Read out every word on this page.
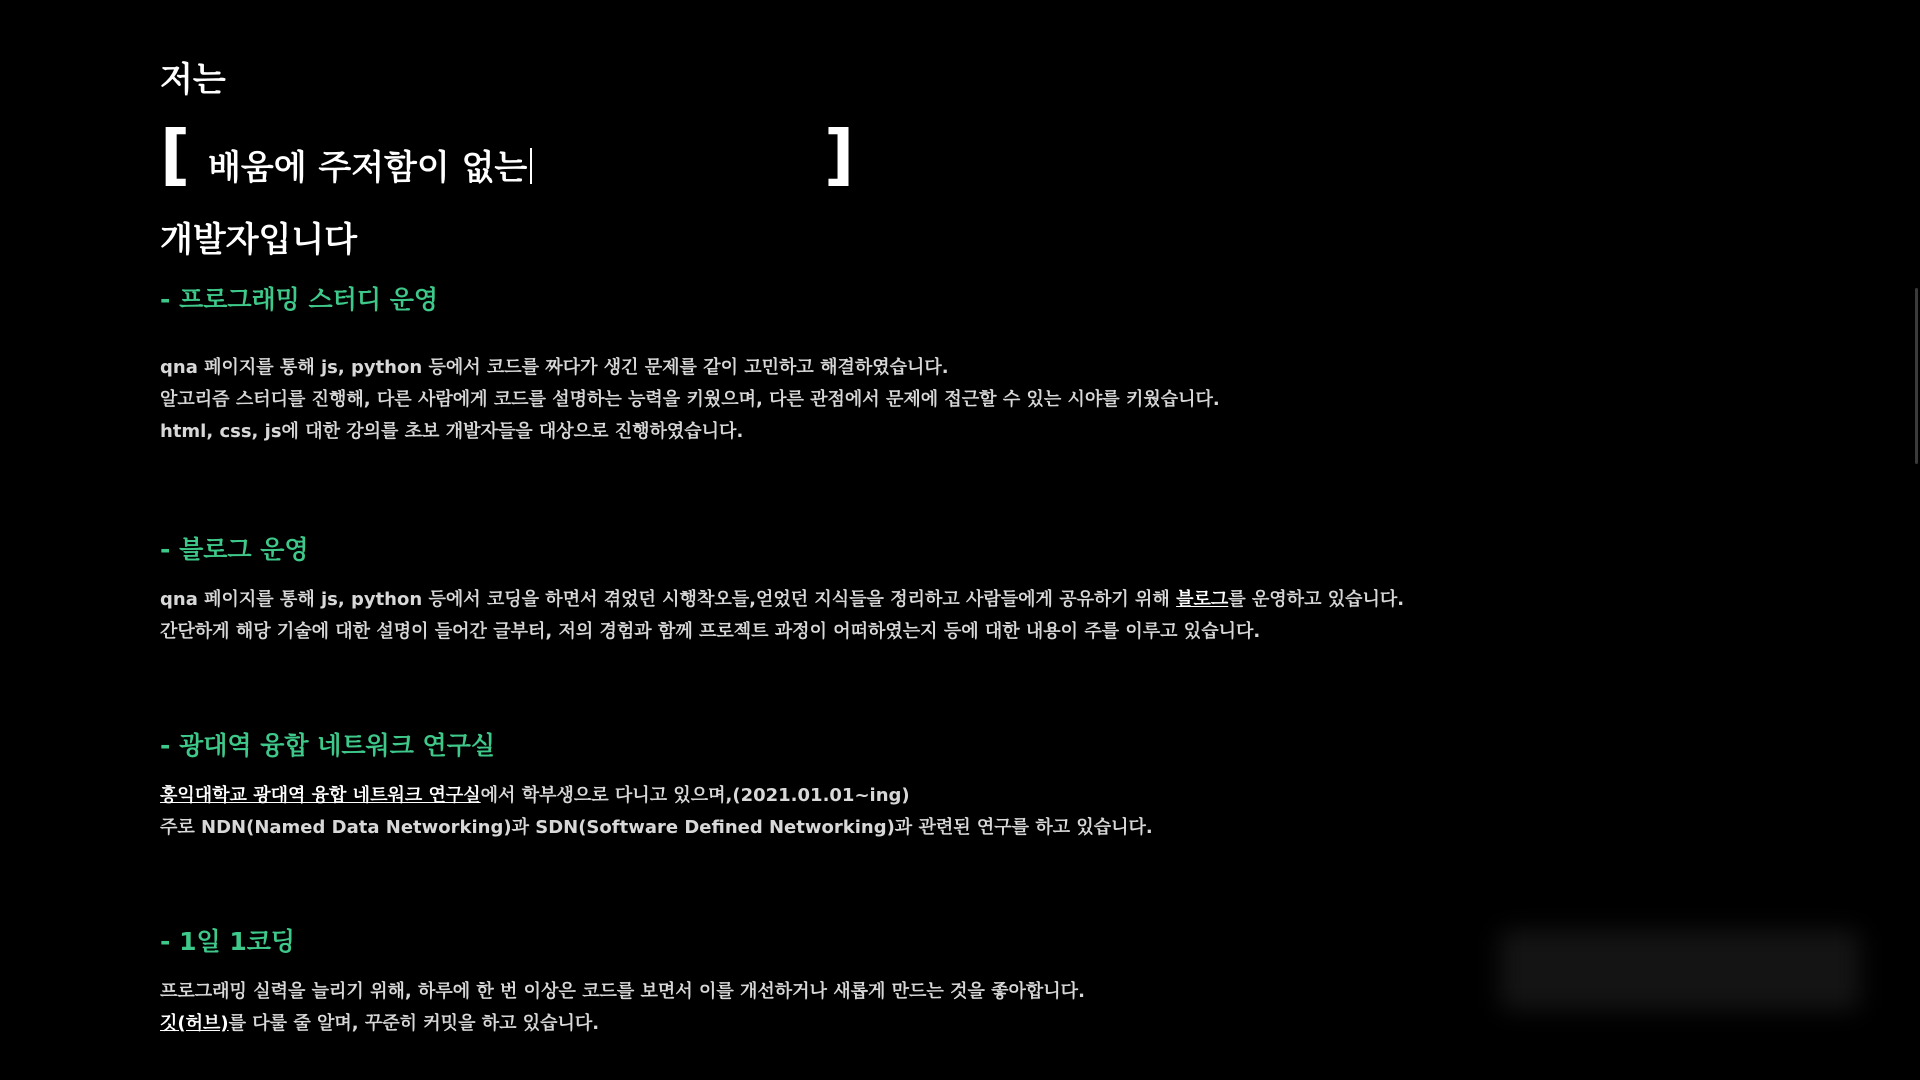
저는
[ 배움에 주저함이 없는	]
개발자입니다
- 프로그래밍 스터디 운영

qna 페이지를 통해 js, python 등에서 코드를 짜다가 생긴 문제를 같이 고민하고 해결하였습니다.

알고리즘 스터디를 진행해, 다른 사람에게 코드를 설명하는 능력을 키웠으며, 다른 관점에서 문제에 접근할 수 있는 시야를 키웠습니다.

html, css, js에 대한 강의를 초보 개발자들을 대상으로 진행하였습니다.

- 블로그 운영

qna 페이지를 통해 js, python 등에서 코딩을 하면서 겪었던 시행착오들,얻었던 지식들을 정리하고 사람들에게 공유하기 위해 블로그를 운영하고 있습니다.

간단하게 해당 기술에 대한 설명이 들어간 글부터, 저의 경험과 함께 프로젝트 과정이 어떠하였는지 등에 대한 내용이 주를 이루고 있습니다.

- 광대역 융합 네트워크 연구실

홍익대학교 광대역 융합 네트워크 연구실에서 학부생으로 다니고 있으며,(2021.01.01~ing)

주로 NDN(Named Data Networking)과 SDN(Software Defined Networking)과 관련된 연구를 하고 있습니다.

- 1일 1코딩

프로그래밍 실력을 늘리기 위해, 하루에 한 번 이상은 코드를 보면서 이를 개선하거나 새롭게 만드는 것을 좋아합니다.

깃(허브)를 다룰 줄 알며, 꾸준히 커밋을 하고 있습니다.
